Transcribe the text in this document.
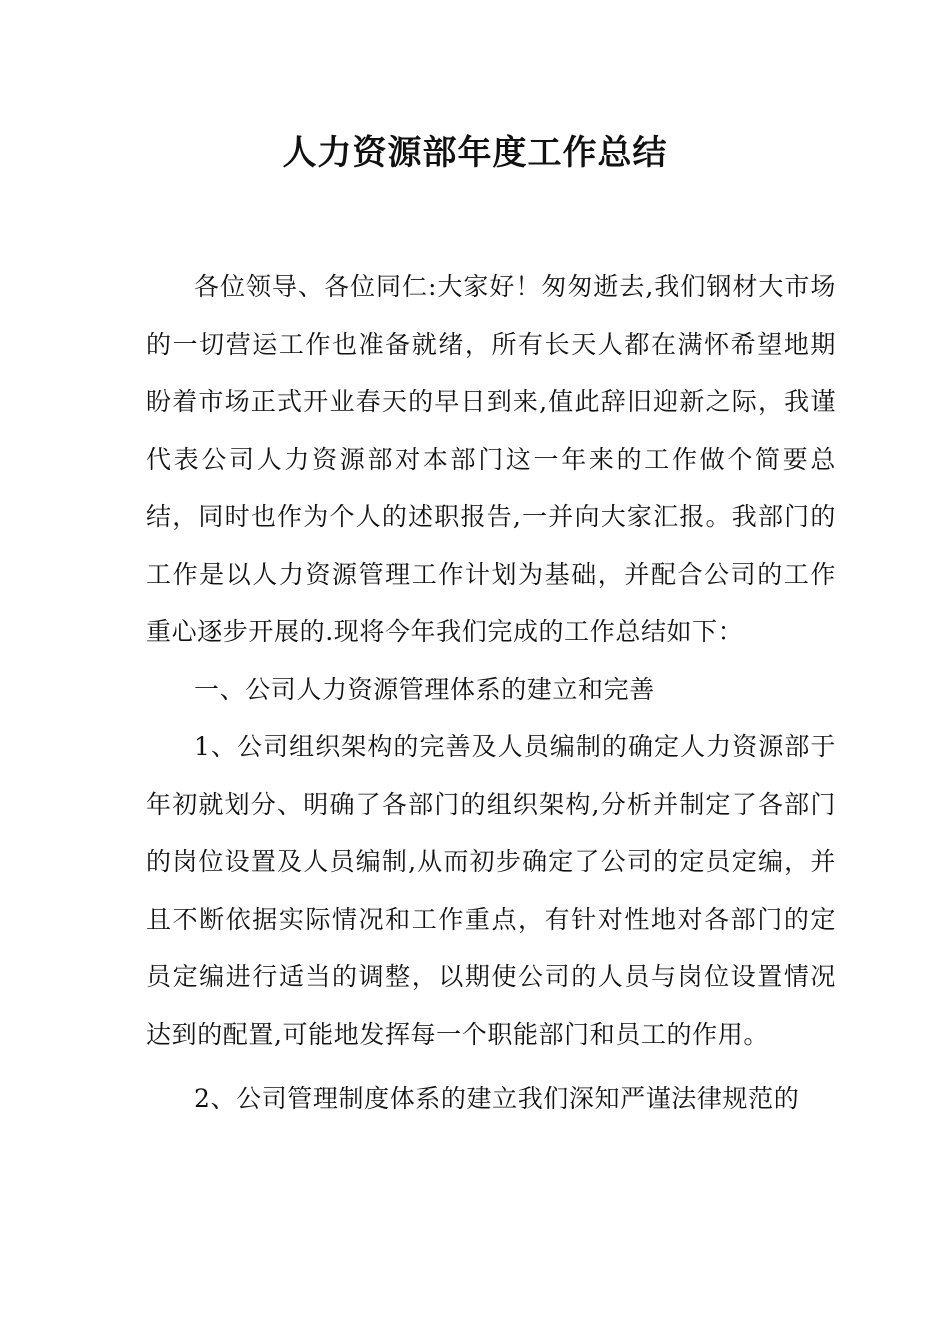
人力资源部年度工作总结

各位领导、各位同仁:大家好！匆匆逝去,我们钢材大市场的一切营运工作也准备就绪，所有长天人都在满怀希望地期盼着市场正式开业春天的早日到来,值此辞旧迎新之际，我谨代表公司人力资源部对本部门这一年来的工作做个简要总结，同时也作为个人的述职报告,一并向大家汇报。我部门的工作是以人力资源管理工作计划为基础，并配合公司的工作重心逐步开展的.现将今年我们完成的工作总结如下：

一、公司人力资源管理体系的建立和完善

1、公司组织架构的完善及人员编制的确定人力资源部于年初就划分、明确了各部门的组织架构,分析并制定了各部门的岗位设置及人员编制,从而初步确定了公司的定员定编，并且不断依据实际情况和工作重点，有针对性地对各部门的定员定编进行适当的调整，以期使公司的人员与岗位设置情况达到的配置,可能地发挥每一个职能部门和员工的作用。

2、公司管理制度体系的建立我们深知严谨法律规范的
